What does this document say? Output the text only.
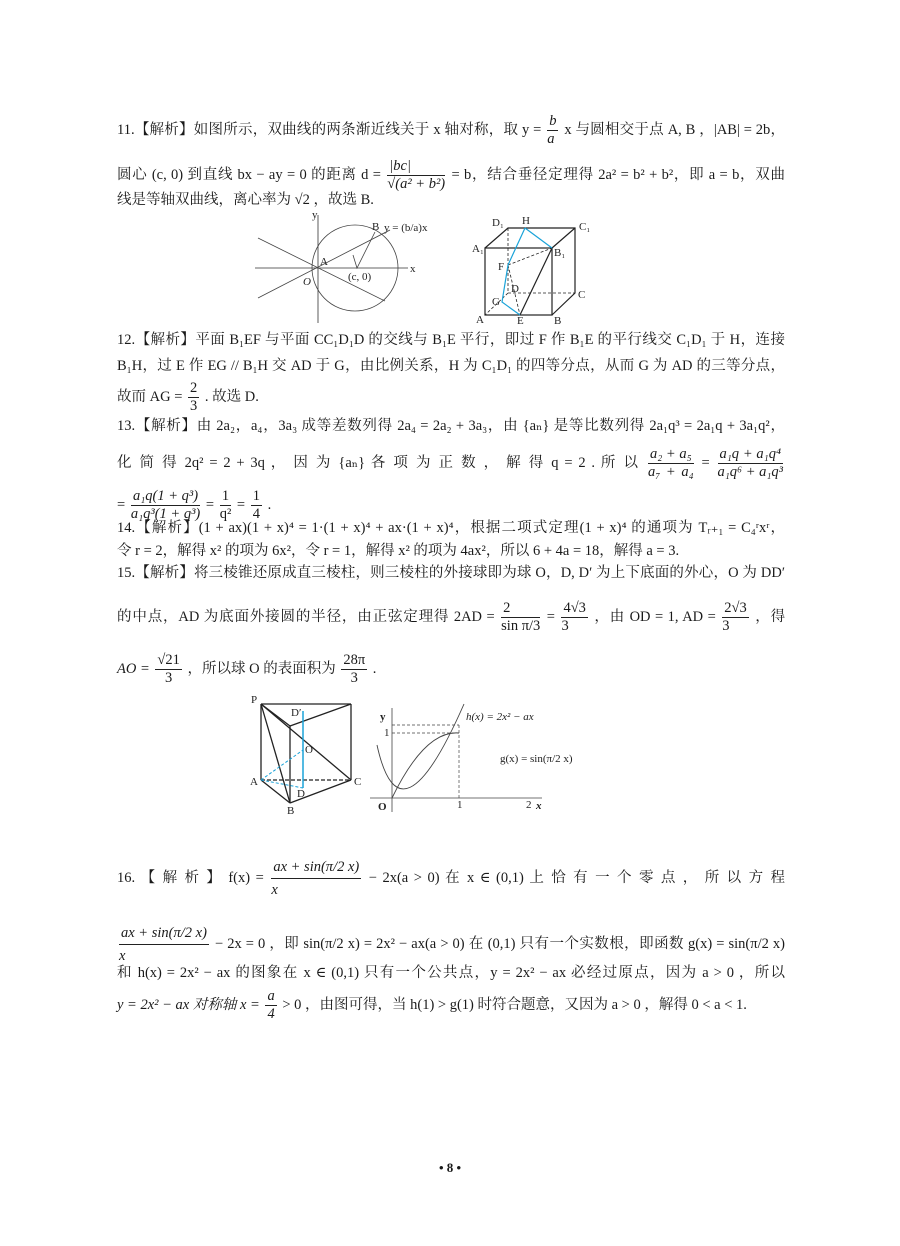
11.【解析】如图所示，双曲线的两条渐近线关于 x 轴对称，取 $y = \frac{b}{a}$ x 与圆相交于点 A, B ，|AB| = 2b，
圆心 (c, 0) 到直线 bx − ay = 0 的距离 $d = \frac{|bc|}{\text{√(a² + b²)}} = b$，结合垂径定理得 2a² = b² + b²，即 a = b，双曲
线是等轴双曲线，离心率为 √2 ，故选 B.
y
x
O
A
B
(c, 0)
y = (b/a)x	D₁ H	C₁
A₁	B₁
F
D	C
G
A	E	B
12.【解析】平面 B₁EF 与平面 CC₁D₁D 的交线与 B₁E 平行，即过 F 作 B₁E 的平行线交 C₁D₁ 于 H，连接
B₁H，过 E 作 EG // B₁H 交 AD 于 G，由比例关系，H 为 C₁D₁ 的四等分点，从而 G 为 AD 的三等分点，
故而 AG = $\frac{2}{3}$ . 故选 D.
13.【解析】由 2a₂，a₄，3a₃ 成等差数列得 2a₄ = 2a₂ + 3a₃，由 {aₙ} 是等比数列得 2a₁q³ = 2a₁q + 3a₁q²，
化 简 得 2q² = 2 + 3q ， 因 为 {aₙ} 各 项 为 正 数 ， 解 得 q = 2 . 所 以 $\frac{\text{a₂ + a₅}}{\text{a₇ + a₄}} = \frac{\text{a₁q + a₁q⁴}}{\text{a₁q⁶ + a₁q³}}$
= $\frac{\text{a₁q(1 + q³)}}{\text{a₁q³(1 + q³)}} = \frac{1}{\text{q²}} = \frac{1}{4}$ .
14.【解析】(1 + ax)(1 + x)⁴ = 1·(1 + x)⁴ + ax·(1 + x)⁴，根据二项式定理(1 + x)⁴ 的通项为 Tᵣ₊₁ = C₄ʳxʳ，
令 r = 2，解得 x² 的项为 6x²，令 r = 1，解得 x² 的项为 4ax²，所以 6 + 4a = 18，解得 a = 3.
15.【解析】将三棱锥还原成直三棱柱，则三棱柱的外接球即为球 O，D, D′ 为上下底面的外心，O 为 DD′
的中点，AD 为底面外接圆的半径，由正弦定理得 $2AD = \frac{2}{\text{sin π/3}} = \frac{4√3}{3}$ ，由 OD = 1, AD = $\frac{2√3}{3}$ ，得
AO = $\frac{√21}{3}$ ，所以球 O 的表面积为 $\frac{28\pi}{3}$ .
P
D′
O
A	C
D
B
y
x
O
1
1	2
h(x) = 2x² − ax
g(x) = sin(π/2 x)
16. 【 解 析 】 $f(x) = \frac{ax + \sin(\pi/2 x)}{x} - 2x(a > 0)$ 在 x ∈ (0,1) 上 恰 有 一 个 零 点 ， 所 以 方 程
$\frac{ax + \sin(\pi/2 x)}{x} - 2x = 0$ ，即 sin(π/2 x) = 2x² − ax(a > 0) 在 (0,1) 只有一个实数根，即函数 g(x) = sin(π/2 x)
和 h(x) = 2x² − ax 的图象在 x ∈ (0,1) 只有一个公共点，y = 2x² − ax 必经过原点，因为 a > 0 ，所以
y = 2x² − ax 对称轴 $x = \frac{a}{4} > 0$ ，由图可得，当 h(1) > g(1) 时符合题意，又因为 a > 0 ，解得 0 < a < 1.
• 8 •
